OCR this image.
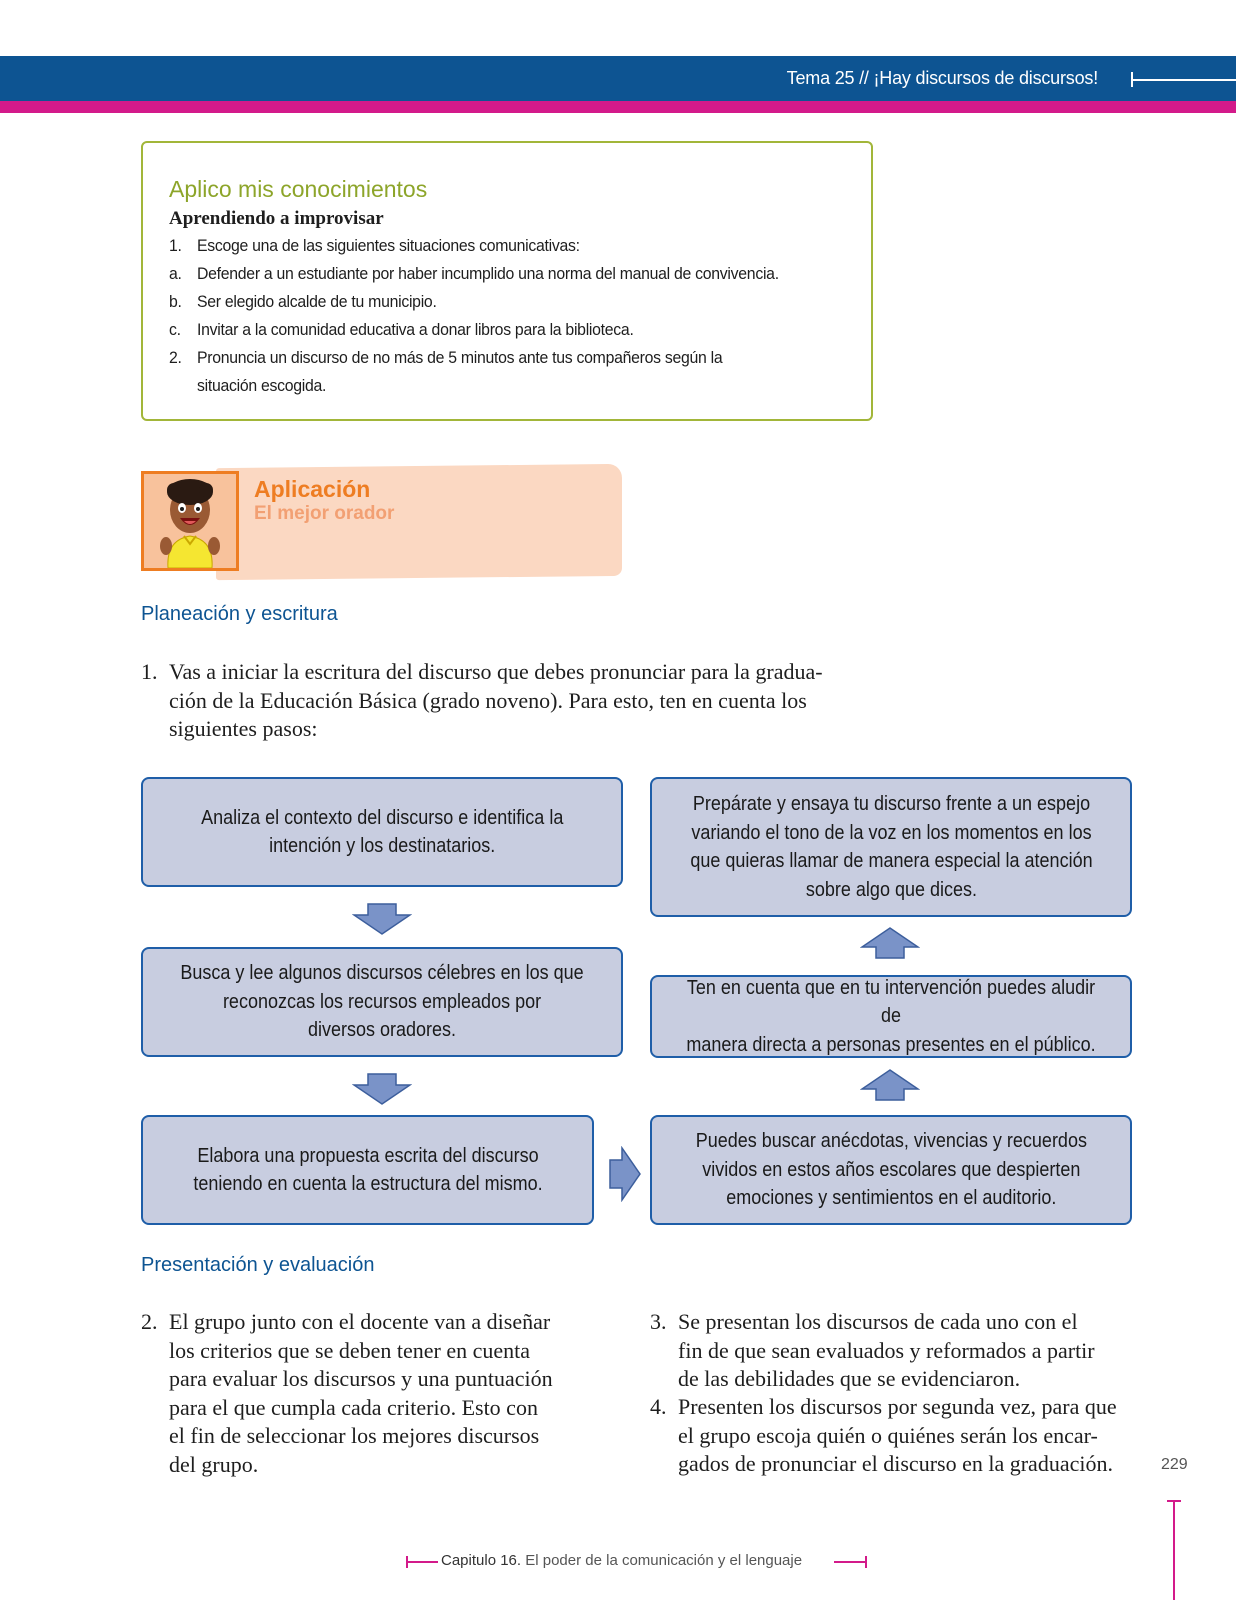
Tema 25 // ¡Hay discursos de discursos!
Aplico mis conocimientos
Aprendiendo a improvisar
1. Escoge una de las siguientes situaciones comunicativas:
a. Defender a un estudiante por haber incumplido una norma del manual de convivencia.
b. Ser elegido alcalde de tu municipio.
c. Invitar a la comunidad educativa a donar libros para la biblioteca.
2. Pronuncia un discurso de no más de 5 minutos ante tus compañeros según la
situación escogida.
Aplicación
El mejor orador
Planeación y escritura
1. Vas a iniciar la escritura del discurso que debes pronunciar para la gradua-
ción de la Educación Básica (grado noveno). Para esto, ten en cuenta los
siguientes pasos:
Analiza el contexto del discurso e identifica la
intención y los destinatarios.
Busca y lee algunos discursos célebres en los que
reconozcas los recursos empleados por
diversos oradores.
Elabora una propuesta escrita del discurso
teniendo en cuenta la estructura del mismo.
Puedes buscar anécdotas, vivencias y recuerdos
vividos en estos años escolares que despierten
emociones y sentimientos en el auditorio.
Ten en cuenta que en tu intervención puedes aludir de
manera directa a personas presentes en el público.
Prepárate y ensaya tu discurso frente a un espejo
variando el tono de la voz en los momentos en los
que quieras llamar de manera especial la atención
sobre algo que dices.
Presentación y evaluación
2. El grupo junto con el docente van a diseñar
los criterios que se deben tener en cuenta
para evaluar los discursos y una puntuación
para el que cumpla cada criterio. Esto con
el fin de seleccionar los mejores discursos
del grupo.
3. Se presentan los discursos de cada uno con el
fin de que sean evaluados y reformados a partir
de las debilidades que se evidenciaron.
4. Presenten los discursos por segunda vez, para que
el grupo escoja quién o quiénes serán los encar-
gados de pronunciar el discurso en la graduación.	229
Capitulo 16. El poder de la comunicación y el lenguaje
